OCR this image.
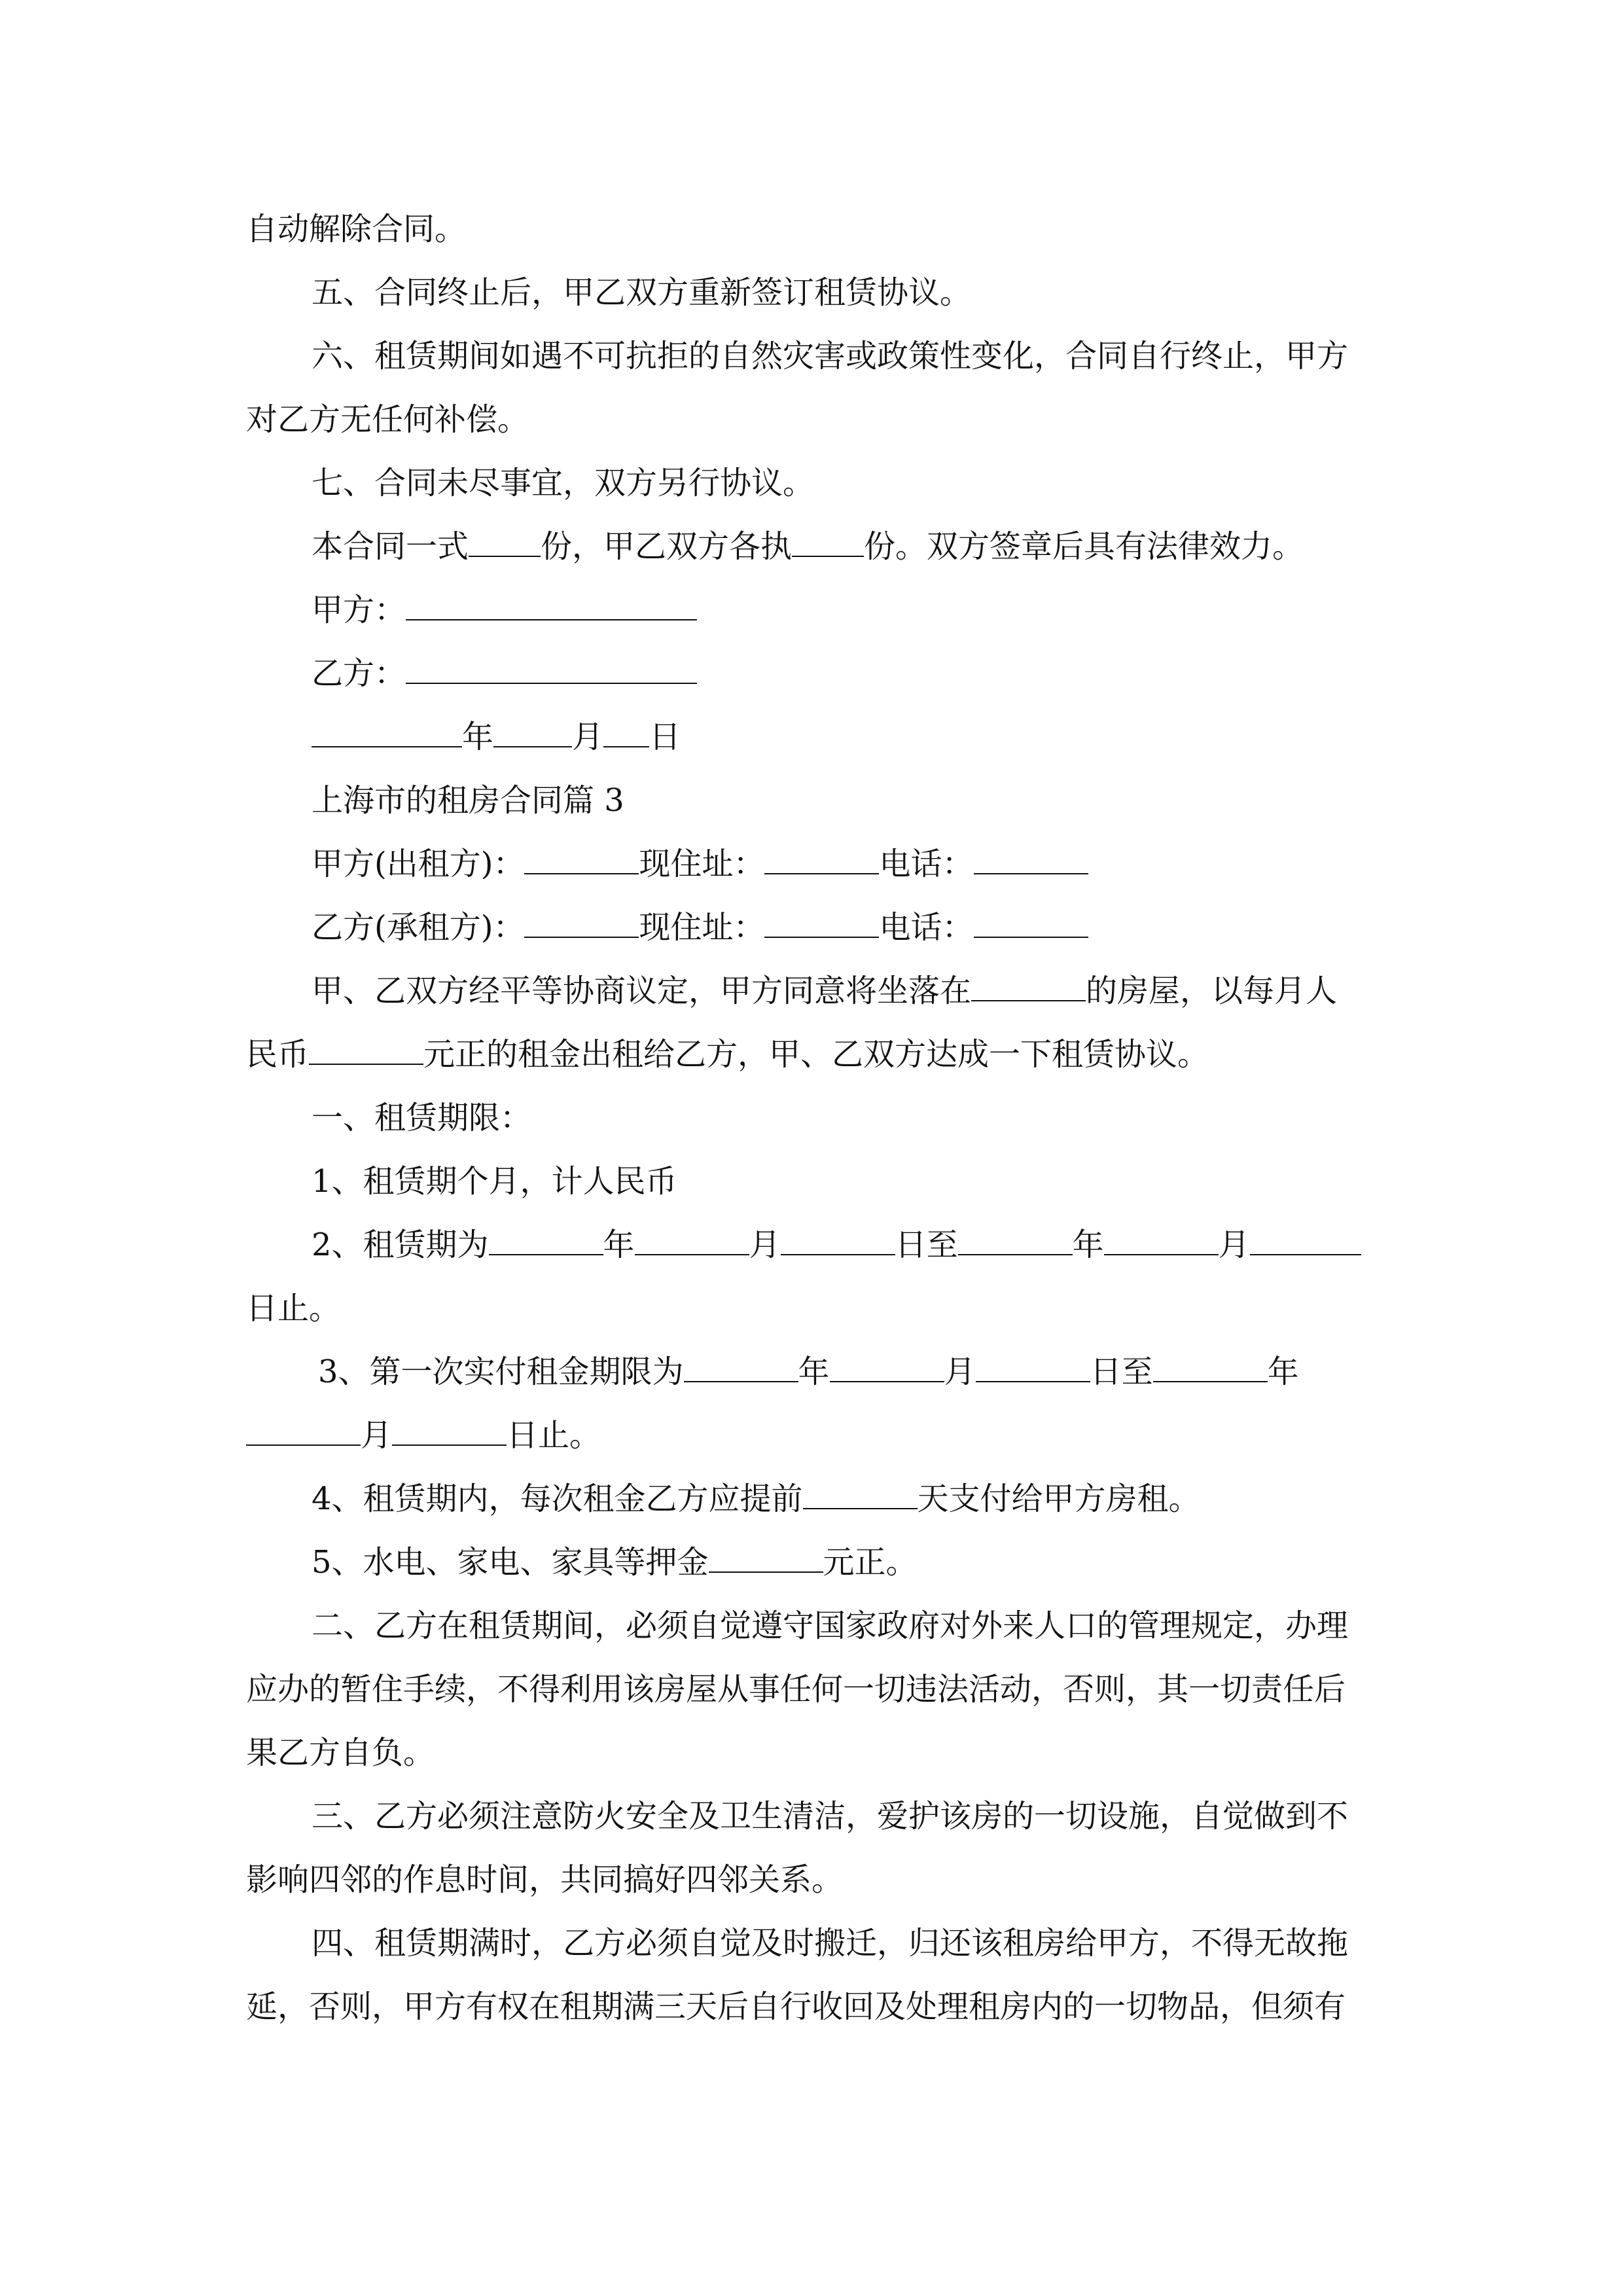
自动解除合同。
五、合同终止后，甲乙双方重新签订租赁协议。
六、租赁期间如遇不可抗拒的自然灾害或政策性变化，合同自行终止，甲方
对乙方无任何补偿。
七、合同未尽事宜，双方另行协议。
本合同一式 份，甲乙双方各执 份。双方签章后具有法律效力。
甲方：
乙方：
年	月 日
上海市的租房合同篇 3
甲方(出租方)：	现住址：	电话：
乙方(承租方)：	现住址：	电话：
甲、乙双方经平等协商议定，甲方同意将坐落在	的房屋，以每月人
民币	元正的租金出租给乙方，甲、乙双方达成一下租赁协议。
一、租赁期限：
1、租赁期个月，计人民币
2、租赁期为	年	月	日至	年	月
日止。
3、第一次实付租金期限为	年	月	日至	年
月	日止。
4、租赁期内，每次租金乙方应提前	天支付给甲方房租。
5、水电、家电、家具等押金	元正。
二、乙方在租赁期间，必须自觉遵守国家政府对外来人口的管理规定，办理
应办的暂住手续，不得利用该房屋从事任何一切违法活动，否则，其一切责任后
果乙方自负。
三、乙方必须注意防火安全及卫生清洁，爱护该房的一切设施，自觉做到不
影响四邻的作息时间，共同搞好四邻关系。
四、租赁期满时，乙方必须自觉及时搬迁，归还该租房给甲方，不得无故拖
延，否则，甲方有权在租期满三天后自行收回及处理租房内的一切物品，但须有
